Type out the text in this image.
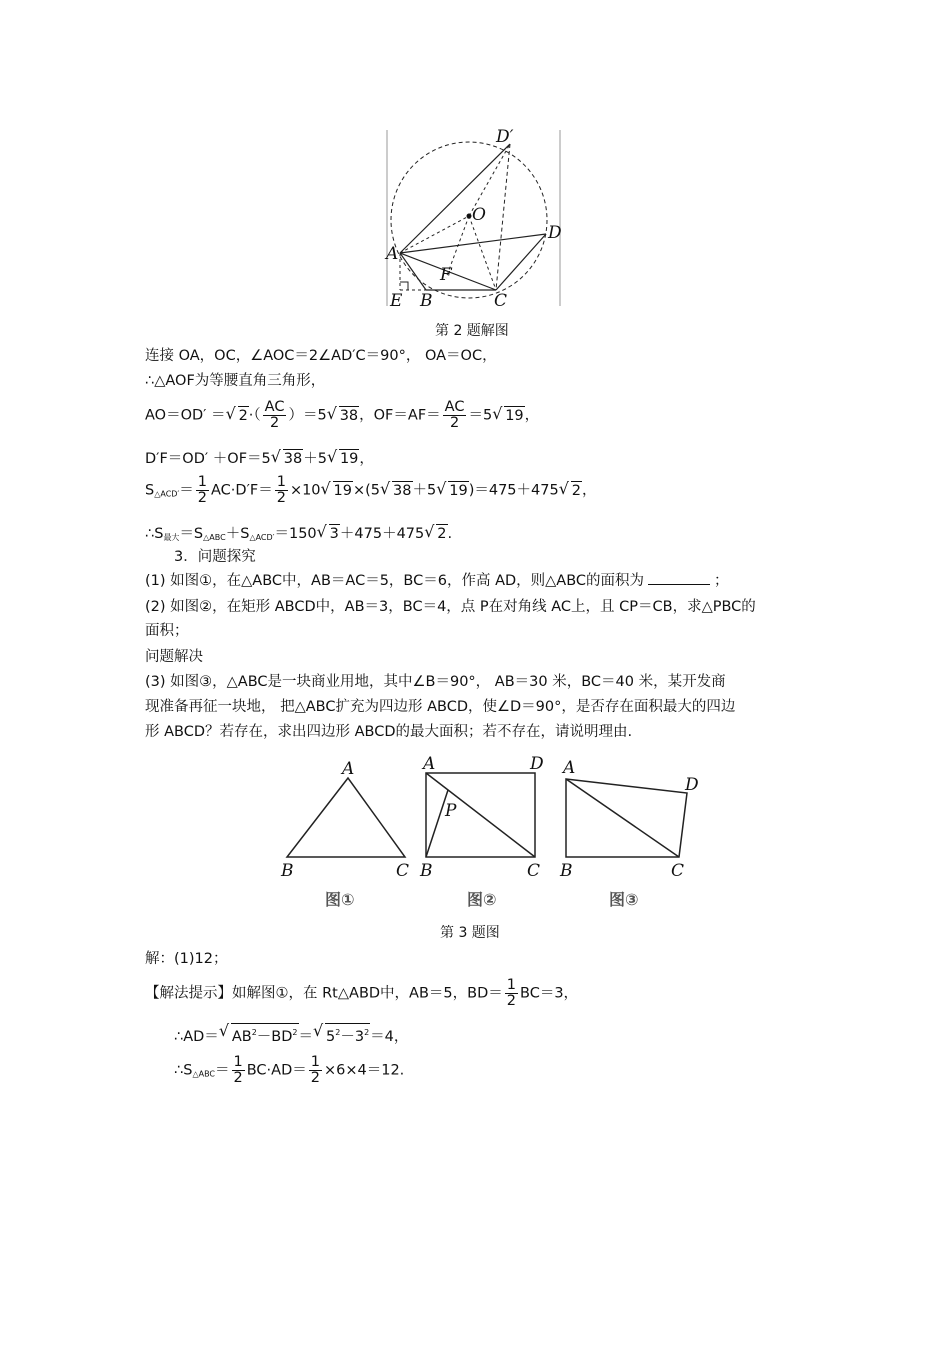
D′
O
A
D
F
E B	C
第 2 题解图
连接 OA，OC，∠AOC＝2∠AD′C＝90°， OA＝OC，
∴△AOF为等腰直角三角形，
AO＝OD′ ＝√ $2\cdot( \frac{AC}{2} )=5√$ 38，$OF=AF= \frac{AC}{2} =5√$ 19，
D′F＝OD′ ＋OF＝5√ 38＋5√ 19，
$S_{\triangle ACD'}= \frac{1}{2} AC\cdot D'F= \frac{1}{2} \times 10√$ 19×(5√ 38＋5√ 19)＝475＋475√ 2，
$\therefore S_{最大}=S_{\triangle ABC}+S_{\triangle ACD'}=150√$ 3＋475＋475√ 2.
3．问题探究
(1) 如图①，在△ABC中，AB＝AC＝5，BC＝6，作高 AD，则△ABC的面积为	；
(2) 如图②，在矩形 ABCD中，AB＝3，BC＝4，点 P在对角线 AC上，且 CP＝CB，求△PBC的
面积；
问题解决
(3) 如图③，△ABC是一块商业用地，其中∠B＝90°， AB＝30 米，BC＝40 米，某开发商
现准备再征一块地， 把△ABC扩充为四边形 ABCD，使∠D＝90°，是否存在面积最大的四边
形 ABCD？若存在，求出四边形 ABCD的最大面积；若不存在，请说明理由.
A
B	C
图①
A	D
P
B	C
图②
A
D
B	C
图③
第 3 题图
解：(1)12；
【解法提示】如解图①，在 Rt△ABD中，AB＝5，$BD= \frac{1}{2} BC=3$，
∴AD＝√ $AB^2-BD^2=√$ $5^2-3^2=4$，
$\therefore S_{\triangle ABC}= \frac{1}{2} BC\cdot AD= \frac{1}{2} \times 6\times 4=12$.
